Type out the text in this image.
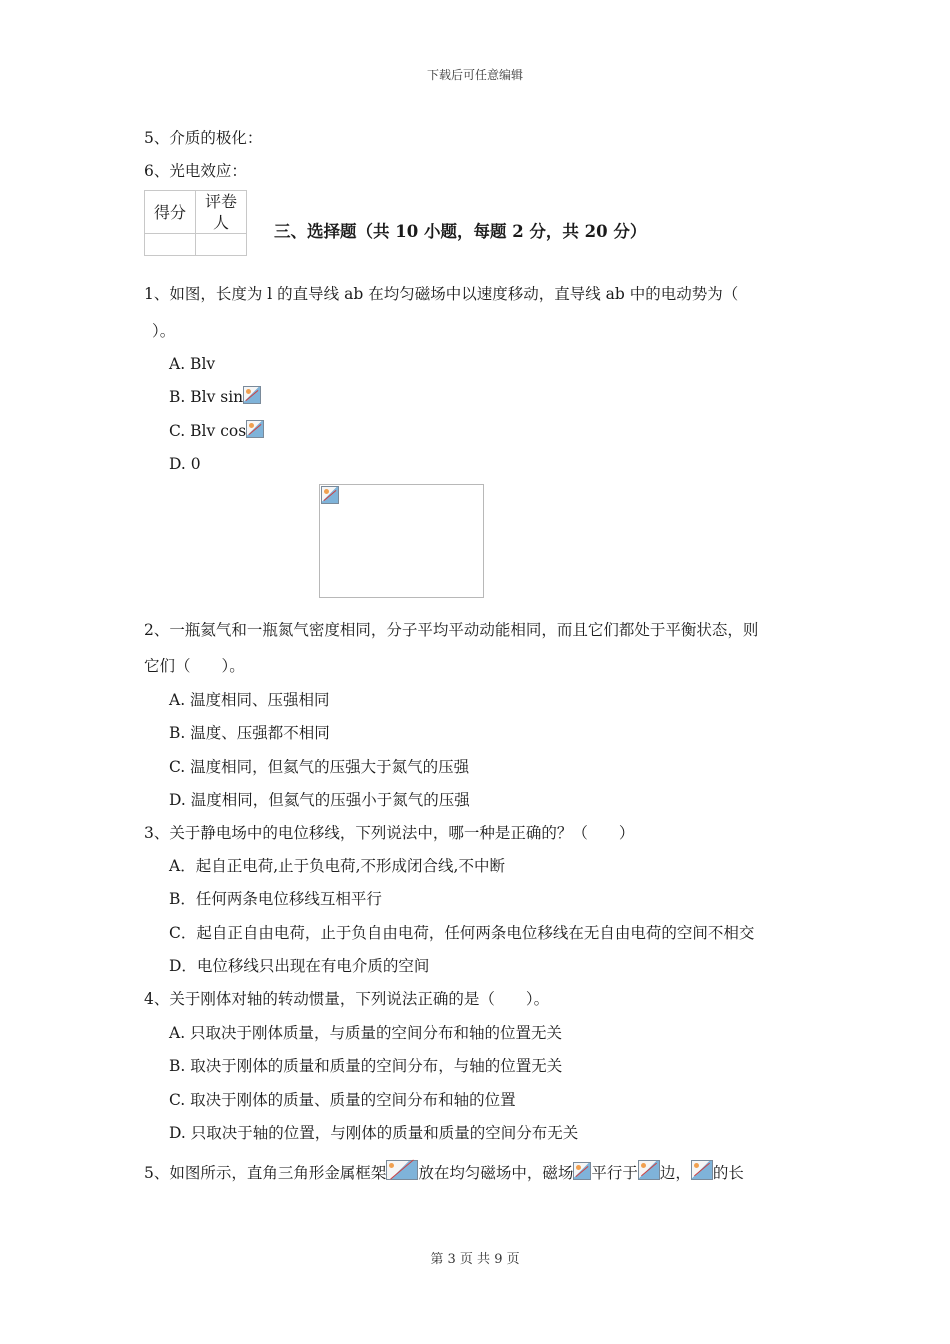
下载后可任意编辑
5、介质的极化：
6、光电效应：
得分	评卷人
		三、选择题（共 10 小题，每题 2 分，共 20 分）
1、如图，长度为 l 的直导线 ab 在均匀磁场中以速度移动，直导线 ab 中的电动势为（
）。
A. Blv
B. Blv sin
C. Blv cos
D. 0
2、一瓶氦气和一瓶氮气密度相同，分子平均平动动能相同，而且它们都处于平衡状态，则
它们（　　）。
A. 温度相同、压强相同
B. 温度、压强都不相同
C. 温度相同，但氦气的压强大于氮气的压强
D. 温度相同，但氦气的压强小于氮气的压强
3、关于静电场中的电位移线，下列说法中，哪一种是正确的？（　　）
A．起自正电荷,止于负电荷,不形成闭合线,不中断
B．任何两条电位移线互相平行
C．起自正自由电荷，止于负自由电荷，任何两条电位移线在无自由电荷的空间不相交
D．电位移线只出现在有电介质的空间
4、关于刚体对轴的转动惯量，下列说法正确的是（　　）。
A. 只取决于刚体质量，与质量的空间分布和轴的位置无关
B. 取决于刚体的质量和质量的空间分布，与轴的位置无关
C. 取决于刚体的质量、质量的空间分布和轴的位置
D. 只取决于轴的位置，与刚体的质量和质量的空间分布无关
5、如图所示，直角三角形金属框架 放在均匀磁场中，磁场 平行于 边， 的长
第 3 页 共 9 页
